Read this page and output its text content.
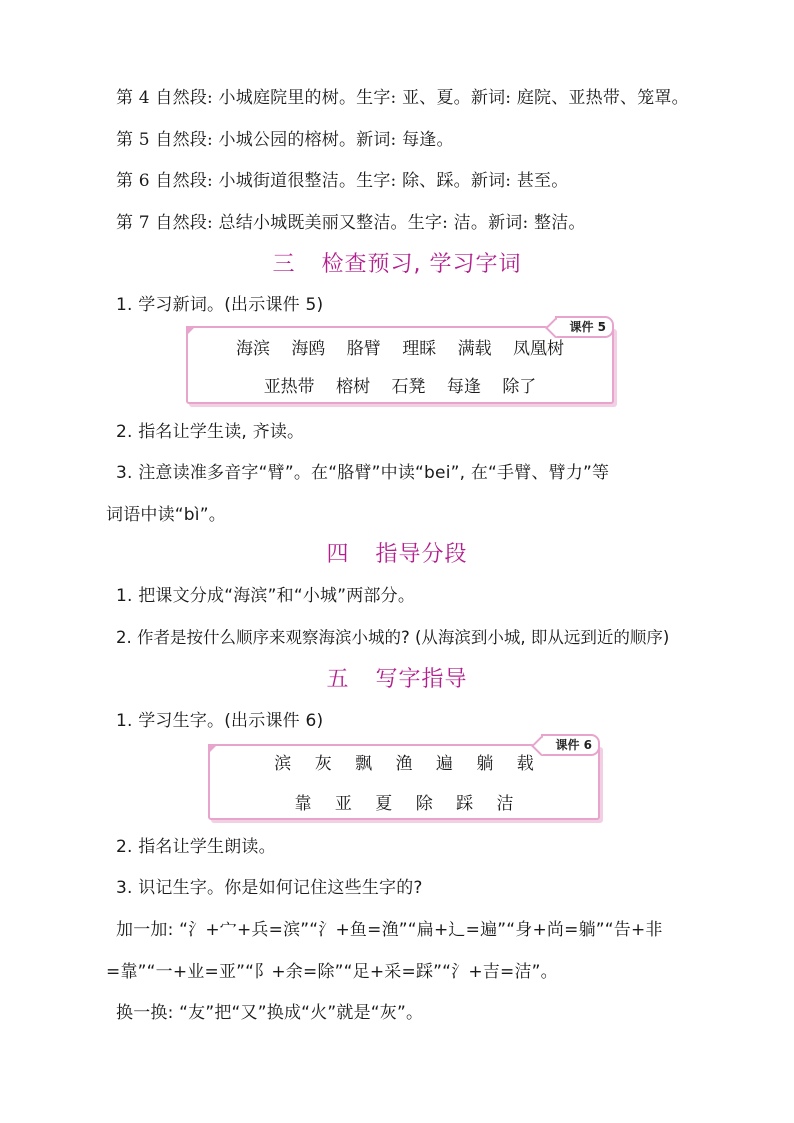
第 4 自然段: 小城庭院里的树。生字: 亚、夏。新词: 庭院、亚热带、笼罩。
第 5 自然段: 小城公园的榕树。新词: 每逢。
第 6 自然段: 小城街道很整洁。生字: 除、踩。新词: 甚至。
第 7 自然段: 总结小城既美丽又整洁。生字: 洁。新词: 整洁。
三 检查预习, 学习字词
1. 学习新词。(出示课件 5)
课件 5
海滨 海鸥 胳臂 理睬 满载 凤凰树
亚热带 榕树 石凳 每逢 除了
2. 指名让学生读, 齐读。
3. 注意读准多音字“臂”。在“胳臂”中读“bei”, 在“手臂、臂力”等
词语中读“bì”。
四 指导分段
1. 把课文分成“海滨”和“小城”两部分。
2. 作者是按什么顺序来观察海滨小城的? (从海滨到小城, 即从远到近的顺序)
五 写字指导
1. 学习生字。(出示课件 6)
课件 6
滨 灰 飘 渔 遍 躺 载
靠 亚 夏 除 踩 洁
2. 指名让学生朗读。
3. 识记生字。你是如何记住这些生字的?
加一加: “氵+宀+兵=滨”“氵+鱼=渔”“扁+辶=遍”“身+尚=躺”“告+非
=靠”“一+业=亚”“阝+余=除”“足+采=踩”“氵+吉=洁”。
换一换: “友”把“又”换成“火”就是“灰”。
